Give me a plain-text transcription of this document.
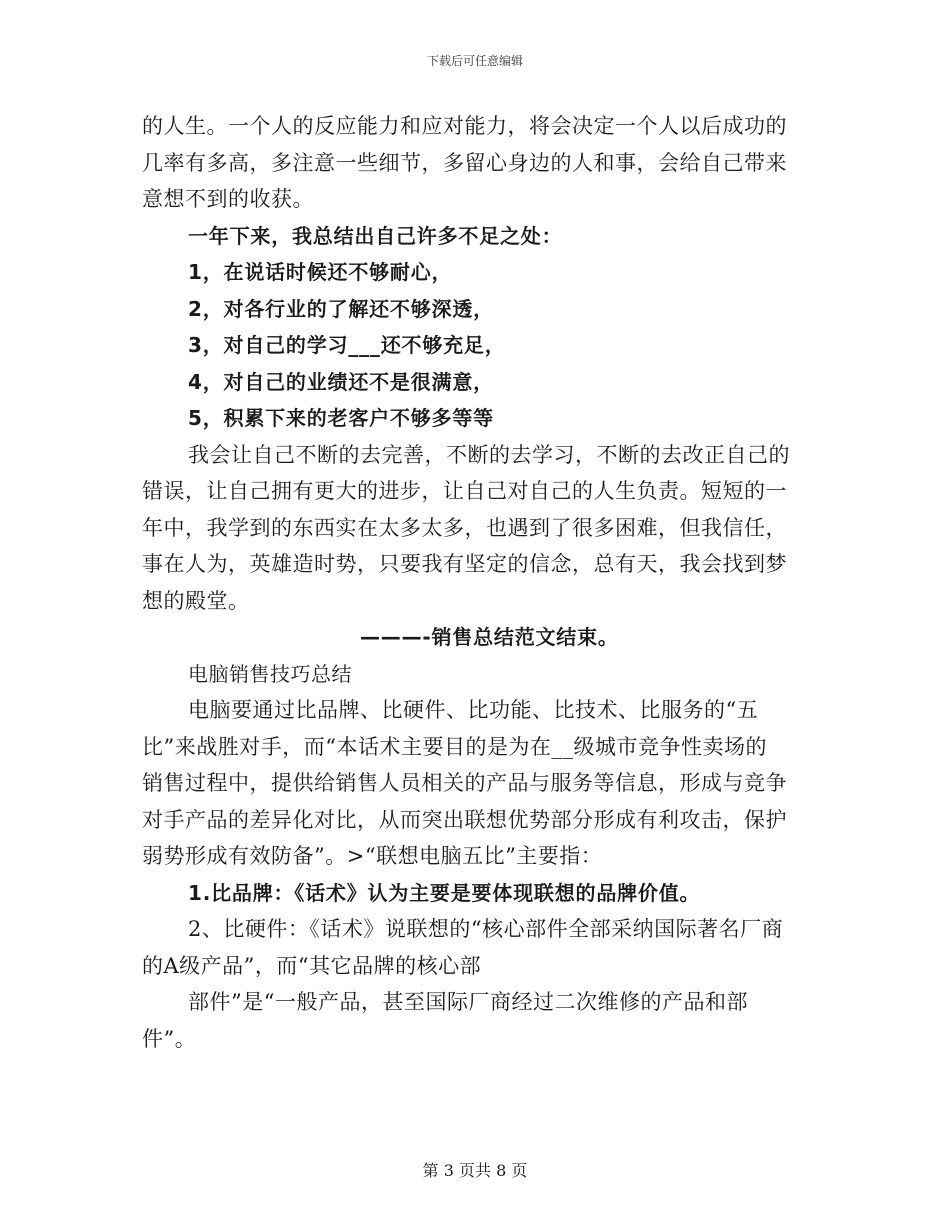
下载后可任意编辑
的人生。一个人的反应能力和应对能力，将会决定一个人以后成功的
几率有多高，多注意一些细节，多留心身边的人和事，会给自己带来
意想不到的收获。
一年下来，我总结出自己许多不足之处：
1，在说话时候还不够耐心，
2，对各行业的了解还不够深透，
3，对自己的学习___还不够充足，
4，对自己的业绩还不是很满意，
5，积累下来的老客户不够多等等
我会让自己不断的去完善，不断的去学习，不断的去改正自己的
错误，让自己拥有更大的进步，让自己对自己的人生负责。短短的一
年中，我学到的东西实在太多太多，也遇到了很多困难，但我信任，
事在人为，英雄造时势，只要我有坚定的信念，总有天，我会找到梦
想的殿堂。
———-销售总结范文结束。
电脑销售技巧总结
电脑要通过比品牌、比硬件、比功能、比技术、比服务的“五
比”来战胜对手，而“本话术主要目的是为在__级城市竞争性卖场的
销售过程中，提供给销售人员相关的产品与服务等信息，形成与竞争
对手产品的差异化对比，从而突出联想优势部分形成有利攻击，保护
弱势形成有效防备”。>“联想电脑五比”主要指：
1.比品牌：《话术》认为主要是要体现联想的品牌价值。
2、比硬件：《话术》说联想的“核心部件全部采纳国际著名厂商
的A级产品”，而“其它品牌的核心部
部件”是“一般产品，甚至国际厂商经过二次维修的产品和部
件”。
第 3 页共 8 页
